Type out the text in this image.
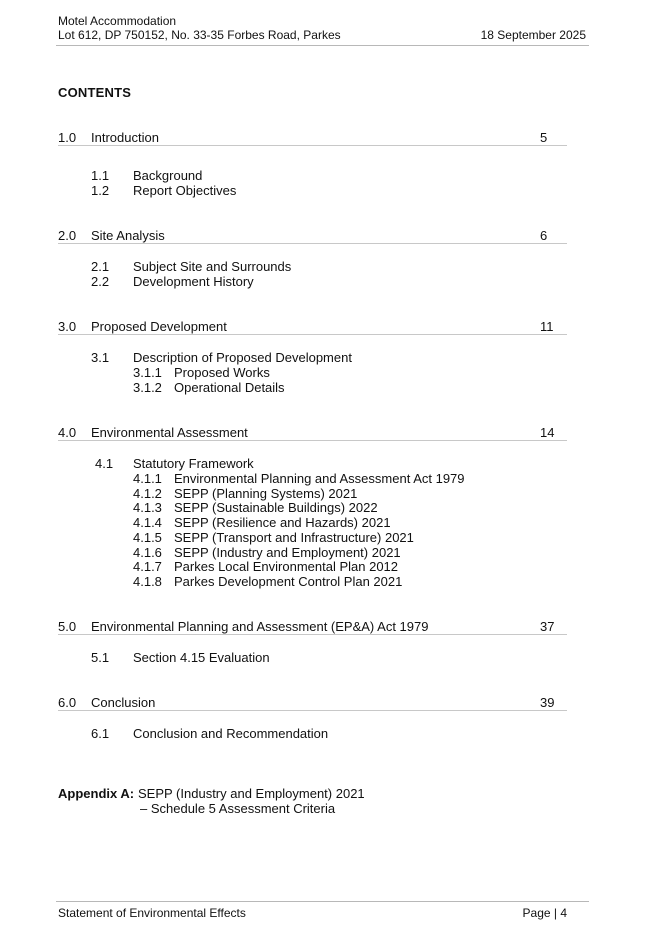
Motel Accommodation
Lot 612, DP 750152, No. 33-35 Forbes Road, Parkes	18 September 2025
CONTENTS
1.0 Introduction	5
1.1 Background
1.2 Report Objectives
2.0 Site Analysis	6
2.1 Subject Site and Surrounds
2.2 Development History
3.0 Proposed Development	11
3.1 Description of Proposed Development
3.1.1 Proposed Works
3.1.2 Operational Details
4.0 Environmental Assessment	14
4.1 Statutory Framework
4.1.1 Environmental Planning and Assessment Act 1979
4.1.2 SEPP (Planning Systems) 2021
4.1.3 SEPP (Sustainable Buildings) 2022
4.1.4 SEPP (Resilience and Hazards) 2021
4.1.5 SEPP (Transport and Infrastructure) 2021
4.1.6 SEPP (Industry and Employment) 2021
4.1.7 Parkes Local Environmental Plan 2012
4.1.8 Parkes Development Control Plan 2021
5.0 Environmental Planning and Assessment (EP&A) Act 1979	37
5.1 Section 4.15 Evaluation
6.0 Conclusion	39
6.1 Conclusion and Recommendation
Appendix A: SEPP (Industry and Employment) 2021
– Schedule 5 Assessment Criteria
Statement of Environmental Effects	Page | 4
